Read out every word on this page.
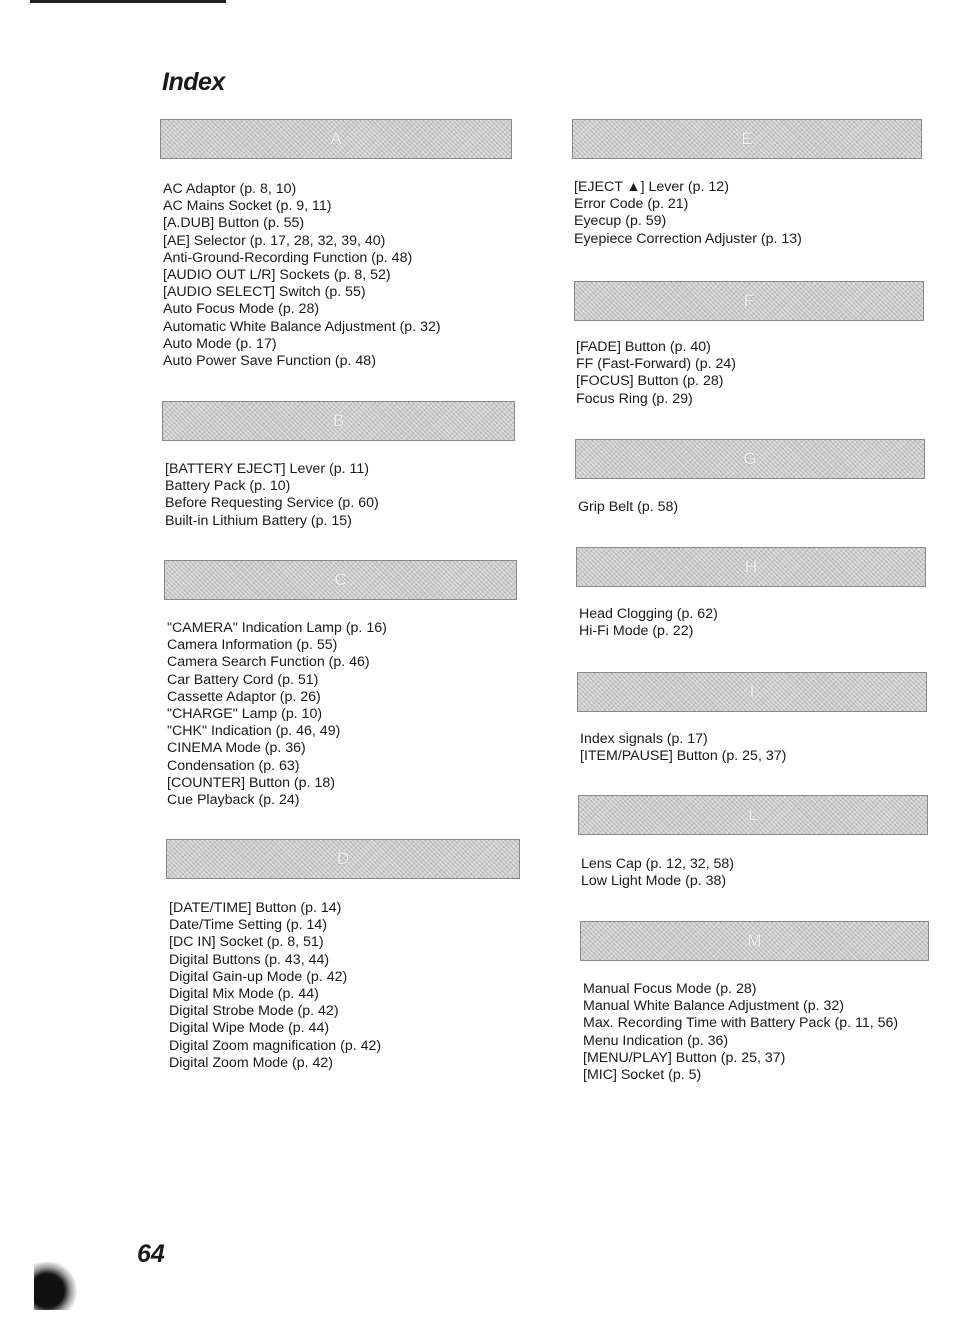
Index
A
AC Adaptor (p. 8, 10)
AC Mains Socket (p. 9, 11)
[A.DUB] Button (p. 55)
[AE] Selector (p. 17, 28, 32, 39, 40)
Anti-Ground-Recording Function (p. 48)
[AUDIO OUT L/R] Sockets (p. 8, 52)
[AUDIO SELECT] Switch (p. 55)
Auto Focus Mode (p. 28)
Automatic White Balance Adjustment (p. 32)
Auto Mode (p. 17)
Auto Power Save Function (p. 48)
B
[BATTERY EJECT] Lever (p. 11)
Battery Pack (p. 10)
Before Requesting Service (p. 60)
Built-in Lithium Battery (p. 15)
C
"CAMERA" Indication Lamp (p. 16)
Camera Information (p. 55)
Camera Search Function (p. 46)
Car Battery Cord (p. 51)
Cassette Adaptor (p. 26)
"CHARGE" Lamp (p. 10)
"CHK" Indication (p. 46, 49)
CINEMA Mode (p. 36)
Condensation (p. 63)
[COUNTER] Button (p. 18)
Cue Playback (p. 24)
D
[DATE/TIME] Button (p. 14)
Date/Time Setting (p. 14)
[DC IN] Socket (p. 8, 51)
Digital Buttons (p. 43, 44)
Digital Gain-up Mode (p. 42)
Digital Mix Mode (p. 44)
Digital Strobe Mode (p. 42)
Digital Wipe Mode (p. 44)
Digital Zoom magnification (p. 42)
Digital Zoom Mode (p. 42)
E
[EJECT ▲] Lever (p. 12)
Error Code (p. 21)
Eyecup (p. 59)
Eyepiece Correction Adjuster (p. 13)
F
[FADE] Button (p. 40)
FF (Fast-Forward) (p. 24)
[FOCUS] Button (p. 28)
Focus Ring (p. 29)
G
Grip Belt (p. 58)
H
Head Clogging (p. 62)
Hi-Fi Mode (p. 22)
I
Index signals (p. 17)
[ITEM/PAUSE] Button (p. 25, 37)
L
Lens Cap (p. 12, 32, 58)
Low Light Mode (p. 38)
M
Manual Focus Mode (p. 28)
Manual White Balance Adjustment (p. 32)
Max. Recording Time with Battery Pack (p. 11, 56)
Menu Indication (p. 36)
[MENU/PLAY] Button (p. 25, 37)
[MIC] Socket (p. 5)
64
